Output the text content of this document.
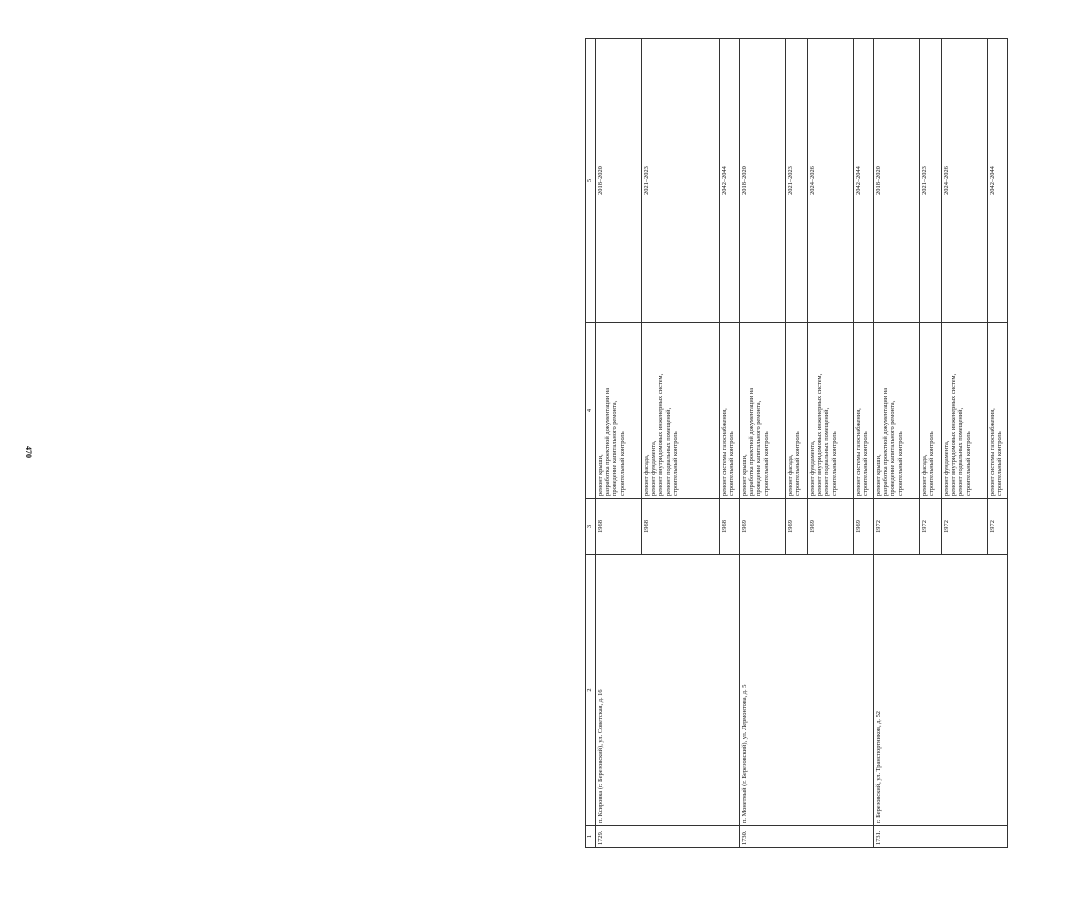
470
1	2	3	4	5
1729.	п. Ксировка (г. Березовский), ул. Советская, д. 16	1968	ремонт крыши, разработка проектной документации на проведение капитального ремонта, строительный контроль	2018–2020
		1968	ремонт фасада, ремонт фундамента, ремонт внутридомовых инженерных систем, ремонт подвальных помещений, строительный контроль	2021–2023
		1968	ремонт системы газоснабжения, строительный контроль	2042–2044
1730.	п. Монетный (г. Березовский), ул. Лермонтова, д. 5	1969	ремонт крыши, разработка проектной документации на проведение капитального ремонта, строительный контроль	2018–2020
		1969	ремонт фасада, строительный контроль	2021–2023
		1969	ремонт фундамента, ремонт внутридомовых инженерных систем, ремонт подвальных помещений, строительный контроль	2024–2026
		1969	ремонт системы газоснабжения, строительный контроль	2042–2044
1731.	г. Березовский, ул. Транспортников, д. 52	1972	ремонт крыши, разработка проектной документации на проведение капитального ремонта, строительный контроль	2018–2020
		1972	ремонт фасада, строительный контроль	2021–2023
		1972	ремонт фундамента, ремонт внутридомовых инженерных систем, ремонт подвальных помещений, строительный контроль	2024–2026
		1972	ремонт системы газоснабжения, строительный контроль	2042–2044
